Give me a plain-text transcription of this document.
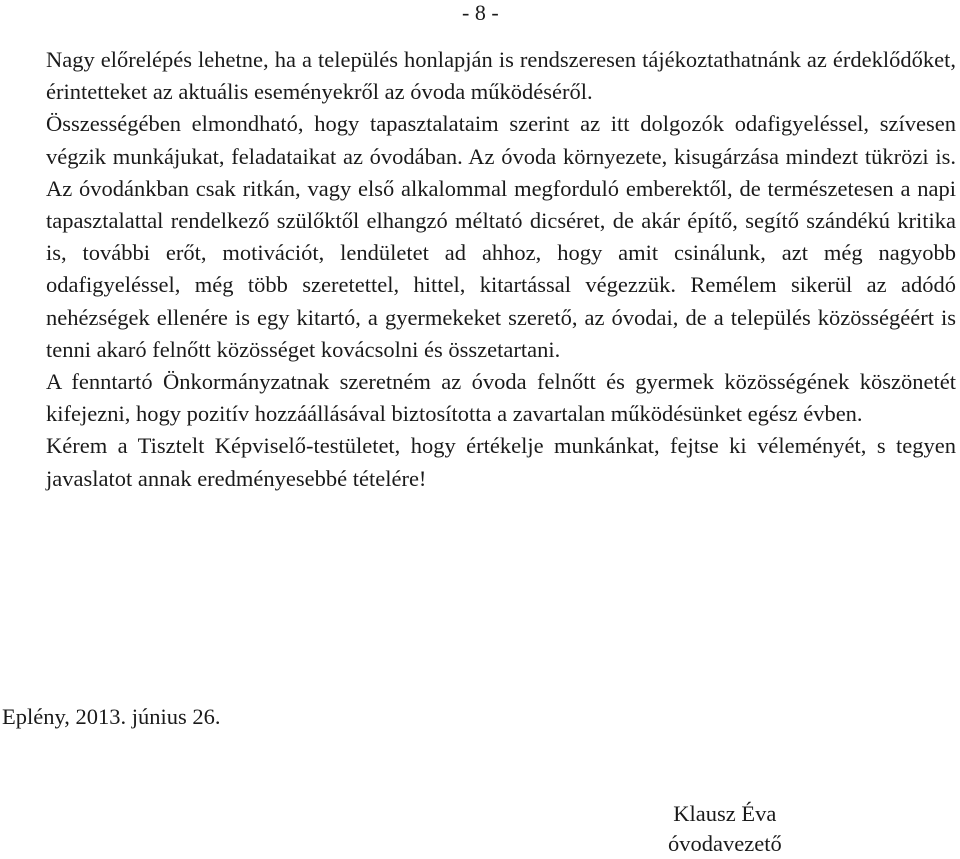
- 8 -

Nagy előrelépés lehetne, ha a település honlapján is rendszeresen tájékoztathatnánk az érdeklődőket, érintetteket az aktuális eseményekről az óvoda működéséről.

Összességében elmondható, hogy tapasztalataim szerint az itt dolgozók odafigyeléssel, szívesen végzik munkájukat, feladataikat az óvodában. Az óvoda környezete, kisugárzása mindezt tükrözi is. Az óvodánkban csak ritkán, vagy első alkalommal megforduló emberektől, de természetesen a napi tapasztalattal rendelkező szülőktől elhangzó méltató dicséret, de akár építő, segítő szándékú kritika is, további erőt, motivációt, lendületet ad ahhoz, hogy amit csinálunk, azt még nagyobb odafigyeléssel, még több szeretettel, hittel, kitartással végezzük. Remélem sikerül az adódó nehézségek ellenére is egy kitartó, a gyermekeket szerető, az óvodai, de a település közösségéért is tenni akaró felnőtt közösséget kovácsolni és összetartani.

A fenntartó Önkormányzatnak szeretném az óvoda felnőtt és gyermek közösségének köszönetét kifejezni, hogy pozitív hozzáállásával biztosította a zavartalan működésünket egész évben.

Kérem a Tisztelt Képviselő-testületet, hogy értékelje munkánkat, fejtse ki véleményét, s tegyen javaslatot annak eredményesebbé tételére!

Eplény, 2013. június 26.
Klausz Éva
óvodavezető
